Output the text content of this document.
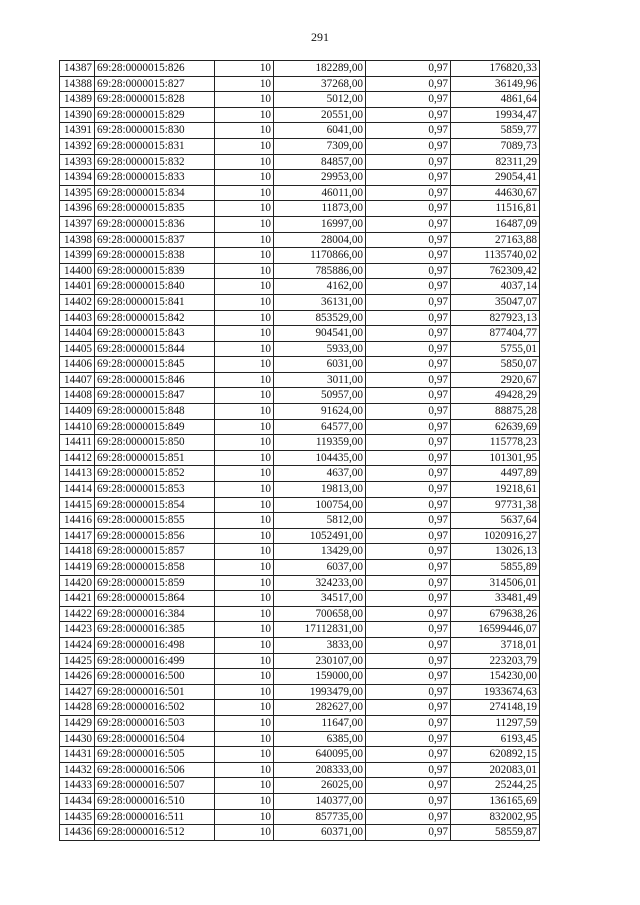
291
14387	69:28:0000015:826	10	182289,00	0,97	176820,33
14388	69:28:0000015:827	10	37268,00	0,97	36149,96
14389	69:28:0000015:828	10	5012,00	0,97	4861,64
14390	69:28:0000015:829	10	20551,00	0,97	19934,47
14391	69:28:0000015:830	10	6041,00	0,97	5859,77
14392	69:28:0000015:831	10	7309,00	0,97	7089,73
14393	69:28:0000015:832	10	84857,00	0,97	82311,29
14394	69:28:0000015:833	10	29953,00	0,97	29054,41
14395	69:28:0000015:834	10	46011,00	0,97	44630,67
14396	69:28:0000015:835	10	11873,00	0,97	11516,81
14397	69:28:0000015:836	10	16997,00	0,97	16487,09
14398	69:28:0000015:837	10	28004,00	0,97	27163,88
14399	69:28:0000015:838	10	1170866,00	0,97	1135740,02
14400	69:28:0000015:839	10	785886,00	0,97	762309,42
14401	69:28:0000015:840	10	4162,00	0,97	4037,14
14402	69:28:0000015:841	10	36131,00	0,97	35047,07
14403	69:28:0000015:842	10	853529,00	0,97	827923,13
14404	69:28:0000015:843	10	904541,00	0,97	877404,77
14405	69:28:0000015:844	10	5933,00	0,97	5755,01
14406	69:28:0000015:845	10	6031,00	0,97	5850,07
14407	69:28:0000015:846	10	3011,00	0,97	2920,67
14408	69:28:0000015:847	10	50957,00	0,97	49428,29
14409	69:28:0000015:848	10	91624,00	0,97	88875,28
14410	69:28:0000015:849	10	64577,00	0,97	62639,69
14411	69:28:0000015:850	10	119359,00	0,97	115778,23
14412	69:28:0000015:851	10	104435,00	0,97	101301,95
14413	69:28:0000015:852	10	4637,00	0,97	4497,89
14414	69:28:0000015:853	10	19813,00	0,97	19218,61
14415	69:28:0000015:854	10	100754,00	0,97	97731,38
14416	69:28:0000015:855	10	5812,00	0,97	5637,64
14417	69:28:0000015:856	10	1052491,00	0,97	1020916,27
14418	69:28:0000015:857	10	13429,00	0,97	13026,13
14419	69:28:0000015:858	10	6037,00	0,97	5855,89
14420	69:28:0000015:859	10	324233,00	0,97	314506,01
14421	69:28:0000015:864	10	34517,00	0,97	33481,49
14422	69:28:0000016:384	10	700658,00	0,97	679638,26
14423	69:28:0000016:385	10	17112831,00	0,97	16599446,07
14424	69:28:0000016:498	10	3833,00	0,97	3718,01
14425	69:28:0000016:499	10	230107,00	0,97	223203,79
14426	69:28:0000016:500	10	159000,00	0,97	154230,00
14427	69:28:0000016:501	10	1993479,00	0,97	1933674,63
14428	69:28:0000016:502	10	282627,00	0,97	274148,19
14429	69:28:0000016:503	10	11647,00	0,97	11297,59
14430	69:28:0000016:504	10	6385,00	0,97	6193,45
14431	69:28:0000016:505	10	640095,00	0,97	620892,15
14432	69:28:0000016:506	10	208333,00	0,97	202083,01
14433	69:28:0000016:507	10	26025,00	0,97	25244,25
14434	69:28:0000016:510	10	140377,00	0,97	136165,69
14435	69:28:0000016:511	10	857735,00	0,97	832002,95
14436	69:28:0000016:512	10	60371,00	0,97	58559,87
